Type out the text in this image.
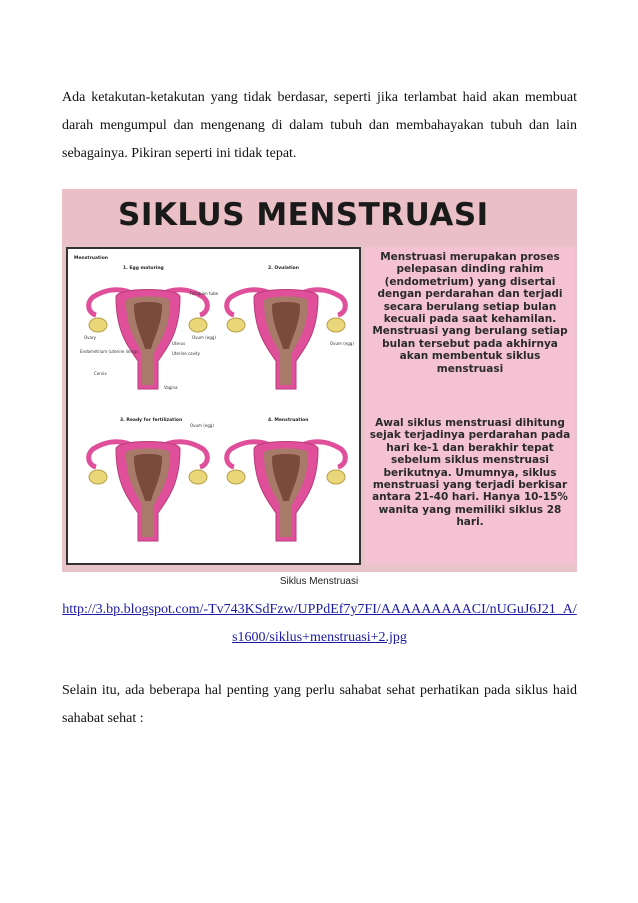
Ada ketakutan-ketakutan yang tidak berdasar, seperti jika terlambat haid akan membuat darah mengumpul dan mengenang di dalam tubuh dan membahayakan tubuh dan lain sebagainya. Pikiran seperti ini tidak tepat.

SIKLUS MENSTRUASI
Menstruation
1. Egg maturing
Fallopian tube
Ovary
Uterus
Ovum (egg)
Endometrium (uterine lining)	Uterine cavity
Cervix
Vagina
2. Ovulation
Ovum (egg)
3. Ready for fertilization
Ovum (egg)
4. Menstruation

Menstruasi merupakan proses pelepasan dinding rahim (endometrium) yang disertai dengan perdarahan dan terjadi secara berulang setiap bulan kecuali pada saat kehamilan. Menstruasi yang berulang setiap bulan tersebut pada akhirnya akan membentuk siklus menstruasi

Awal siklus menstruasi dihitung sejak terjadinya perdarahan pada hari ke-1 dan berakhir tepat sebelum siklus menstruasi berikutnya. Umumnya, siklus menstruasi yang terjadi berkisar antara 21-40 hari. Hanya 10-15% wanita yang memiliki siklus 28 hari.

Siklus Menstruasi

http://3.bp.blogspot.com/-Tv743KSdFzw/UPPdEf7y7FI/AAAAAAAAACI/nUGuJ6J21_A/s1600/siklus+menstruasi+2.jpg

Selain itu, ada beberapa hal penting yang perlu sahabat sehat perhatikan pada siklus haid sahabat sehat :
